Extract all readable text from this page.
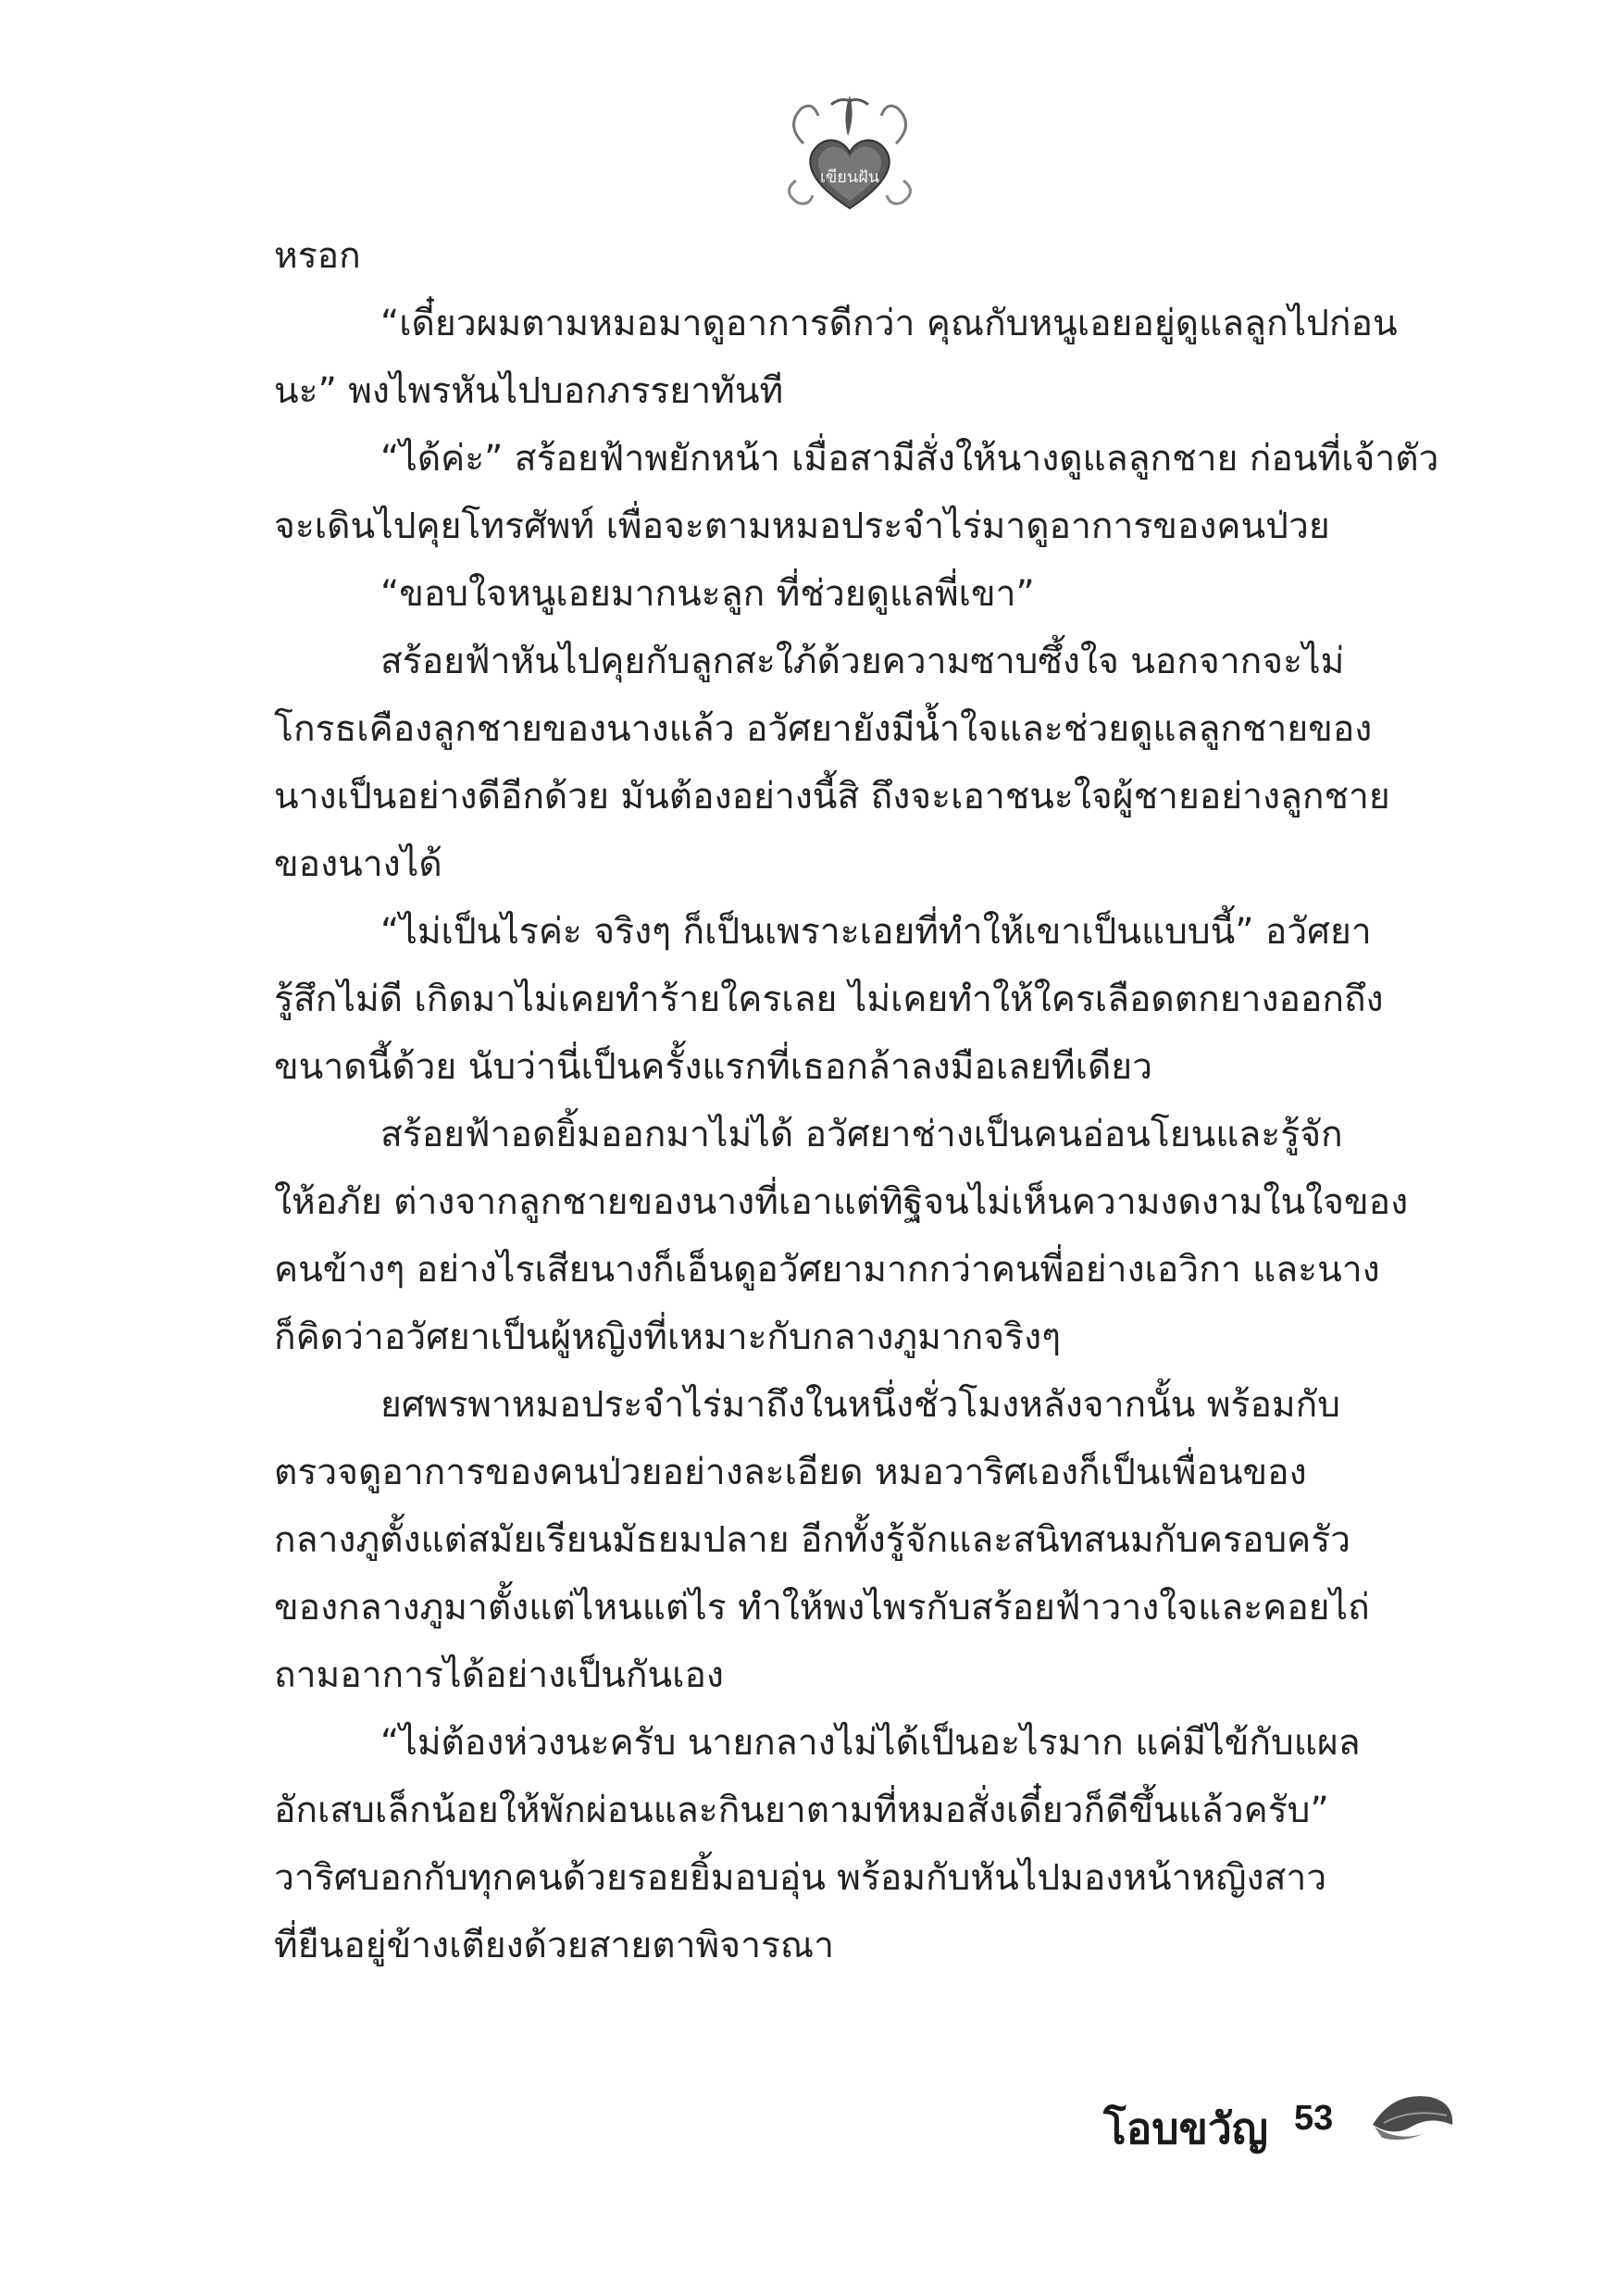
เขียนฝัน
หรอก
“เดี๋ยวผมตามหมอมาดูอาการดีกว่า คุณกับหนูเอยอยู่ดูแลลูกไปก่อน
นะ” พงไพรหันไปบอกภรรยาทันที
“ได้ค่ะ” สร้อยฟ้าพยักหน้า เมื่อสามีสั่งให้นางดูแลลูกชาย ก่อนที่เจ้าตัว
จะเดินไปคุยโทรศัพท์ เพื่อจะตามหมอประจำไร่มาดูอาการของคนป่วย
“ขอบใจหนูเอยมากนะลูก ที่ช่วยดูแลพี่เขา”
สร้อยฟ้าหันไปคุยกับลูกสะใภ้ด้วยความซาบซึ้งใจ นอกจากจะไม่
โกรธเคืองลูกชายของนางแล้ว อวัศยายังมีน้ำใจและช่วยดูแลลูกชายของ
นางเป็นอย่างดีอีกด้วย มันต้องอย่างนี้สิ ถึงจะเอาชนะใจผู้ชายอย่างลูกชาย
ของนางได้
“ไม่เป็นไรค่ะ จริงๆ ก็เป็นเพราะเอยที่ทำให้เขาเป็นแบบนี้” อวัศยา
รู้สึกไม่ดี เกิดมาไม่เคยทำร้ายใครเลย ไม่เคยทำให้ใครเลือดตกยางออกถึง
ขนาดนี้ด้วย นับว่านี่เป็นครั้งแรกที่เธอกล้าลงมือเลยทีเดียว
สร้อยฟ้าอดยิ้มออกมาไม่ได้ อวัศยาช่างเป็นคนอ่อนโยนและรู้จัก
ให้อภัย ต่างจากลูกชายของนางที่เอาแต่ทิฐิจนไม่เห็นความงดงามในใจของ
คนข้างๆ อย่างไรเสียนางก็เอ็นดูอวัศยามากกว่าคนพี่อย่างเอวิกา และนาง
ก็คิดว่าอวัศยาเป็นผู้หญิงที่เหมาะกับกลางภูมากจริงๆ
ยศพรพาหมอประจำไร่มาถึงในหนึ่งชั่วโมงหลังจากนั้น พร้อมกับ
ตรวจดูอาการของคนป่วยอย่างละเอียด หมอวาริศเองก็เป็นเพื่อนของ
กลางภูตั้งแต่สมัยเรียนมัธยมปลาย อีกทั้งรู้จักและสนิทสนมกับครอบครัว
ของกลางภูมาตั้งแต่ไหนแต่ไร ทำให้พงไพรกับสร้อยฟ้าวางใจและคอยไถ่
ถามอาการได้อย่างเป็นกันเอง
“ไม่ต้องห่วงนะครับ นายกลางไม่ได้เป็นอะไรมาก แค่มีไข้กับแผล
อักเสบเล็กน้อยให้พักผ่อนและกินยาตามที่หมอสั่งเดี๋ยวก็ดีขึ้นแล้วครับ”
วาริศบอกกับทุกคนด้วยรอยยิ้มอบอุ่น พร้อมกับหันไปมองหน้าหญิงสาว
ที่ยืนอยู่ข้างเตียงด้วยสายตาพิจารณา
โอบขวัญ 53
